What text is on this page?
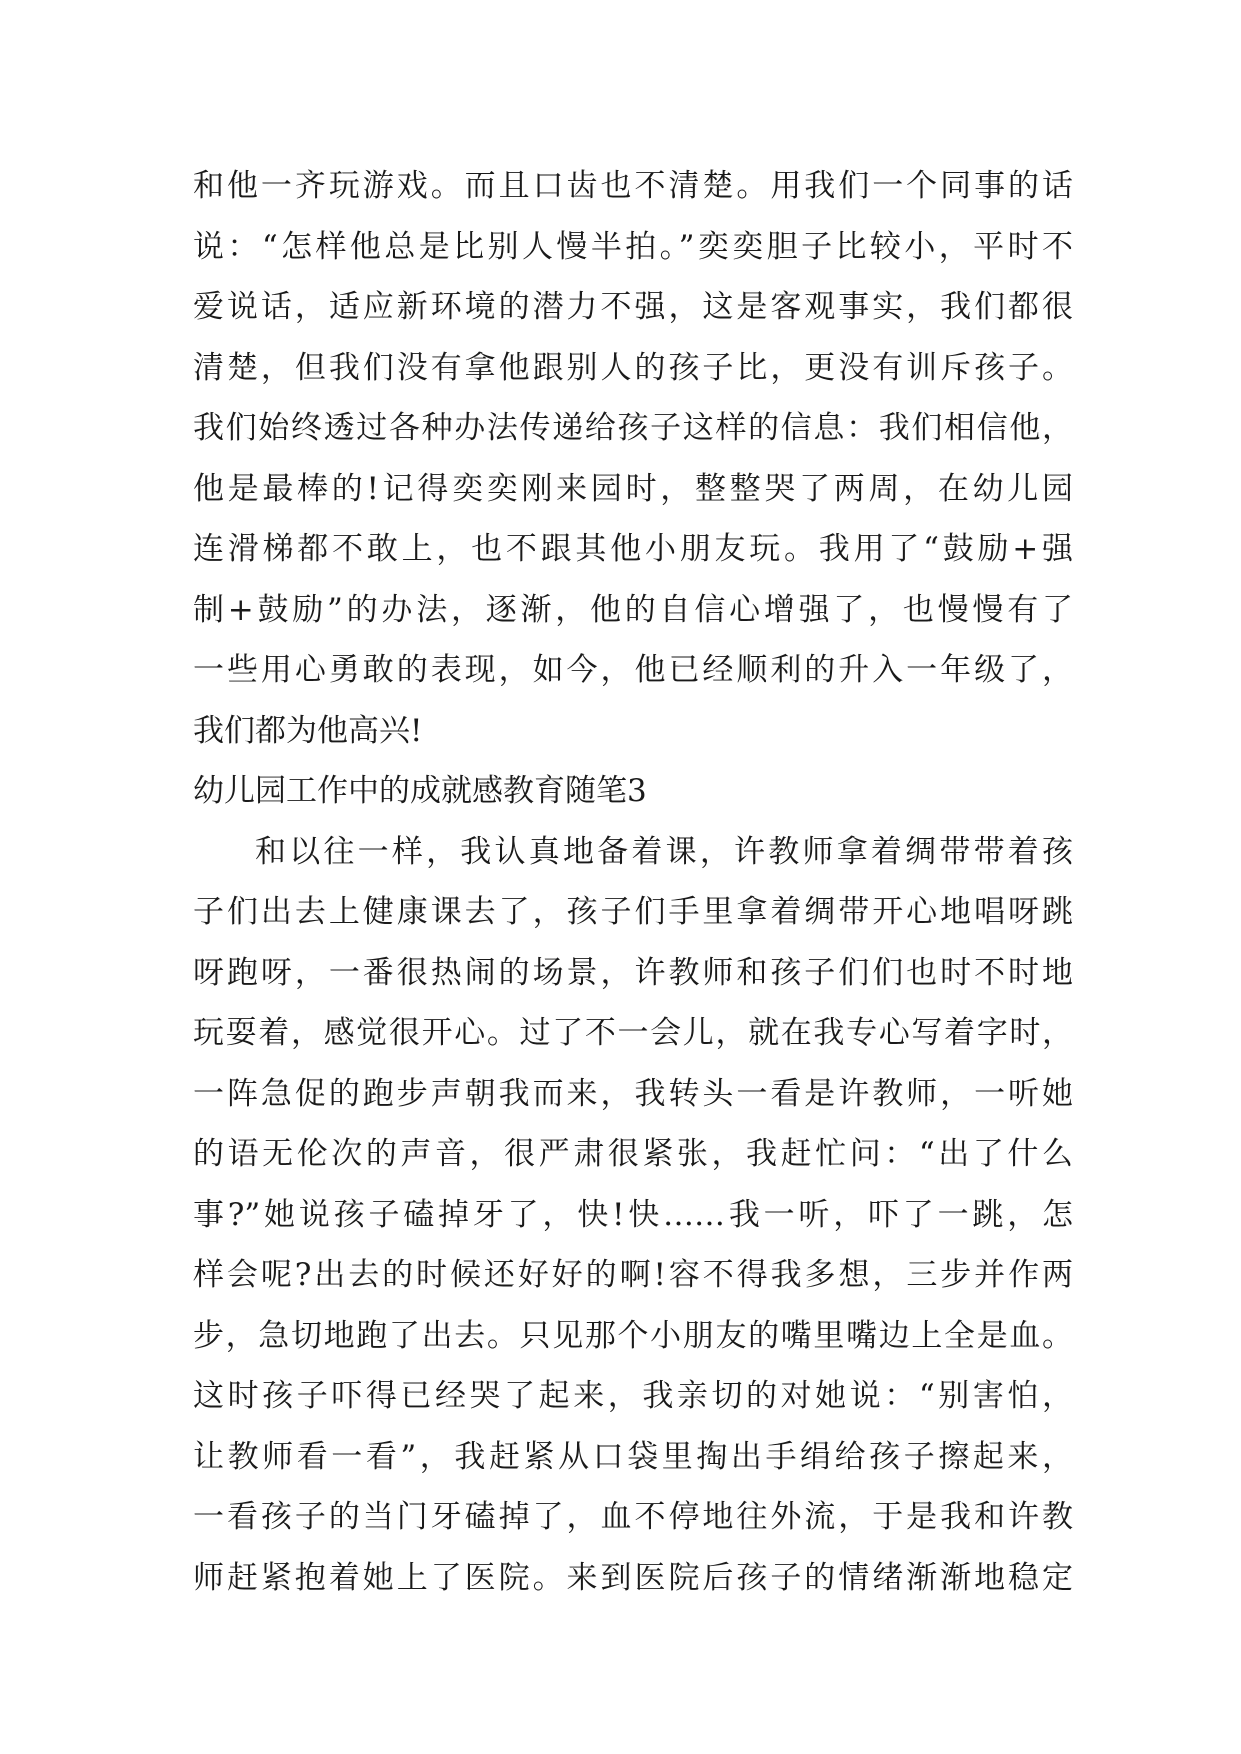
和他一齐玩游戏。而且口齿也不清楚。用我们一个同事的话
说：“怎样他总是比别人慢半拍。”奕奕胆子比较小，平时不
爱说话，适应新环境的潜力不强，这是客观事实，我们都很
清楚，但我们没有拿他跟别人的孩子比，更没有训斥孩子。
我们始终透过各种办法传递给孩子这样的信息：我们相信他，
他是最棒的!记得奕奕刚来园时，整整哭了两周，在幼儿园
连滑梯都不敢上，也不跟其他小朋友玩。我用了“鼓励+强
制+鼓励”的办法，逐渐，他的自信心增强了，也慢慢有了
一些用心勇敢的表现，如今，他已经顺利的升入一年级了，
我们都为他高兴!
幼儿园工作中的成就感教育随笔3
和以往一样，我认真地备着课，许教师拿着绸带带着孩
子们出去上健康课去了，孩子们手里拿着绸带开心地唱呀跳
呀跑呀，一番很热闹的场景，许教师和孩子们们也时不时地
玩耍着，感觉很开心。过了不一会儿，就在我专心写着字时，
一阵急促的跑步声朝我而来，我转头一看是许教师，一听她
的语无伦次的声音，很严肃很紧张，我赶忙问：“出了什么
事?”她说孩子磕掉牙了，快!快……我一听，吓了一跳，怎
样会呢?出去的时候还好好的啊!容不得我多想，三步并作两
步，急切地跑了出去。只见那个小朋友的嘴里嘴边上全是血。
这时孩子吓得已经哭了起来，我亲切的对她说：“别害怕，
让教师看一看”，我赶紧从口袋里掏出手绢给孩子擦起来，
一看孩子的当门牙磕掉了，血不停地往外流，于是我和许教
师赶紧抱着她上了医院。来到医院后孩子的情绪渐渐地稳定
